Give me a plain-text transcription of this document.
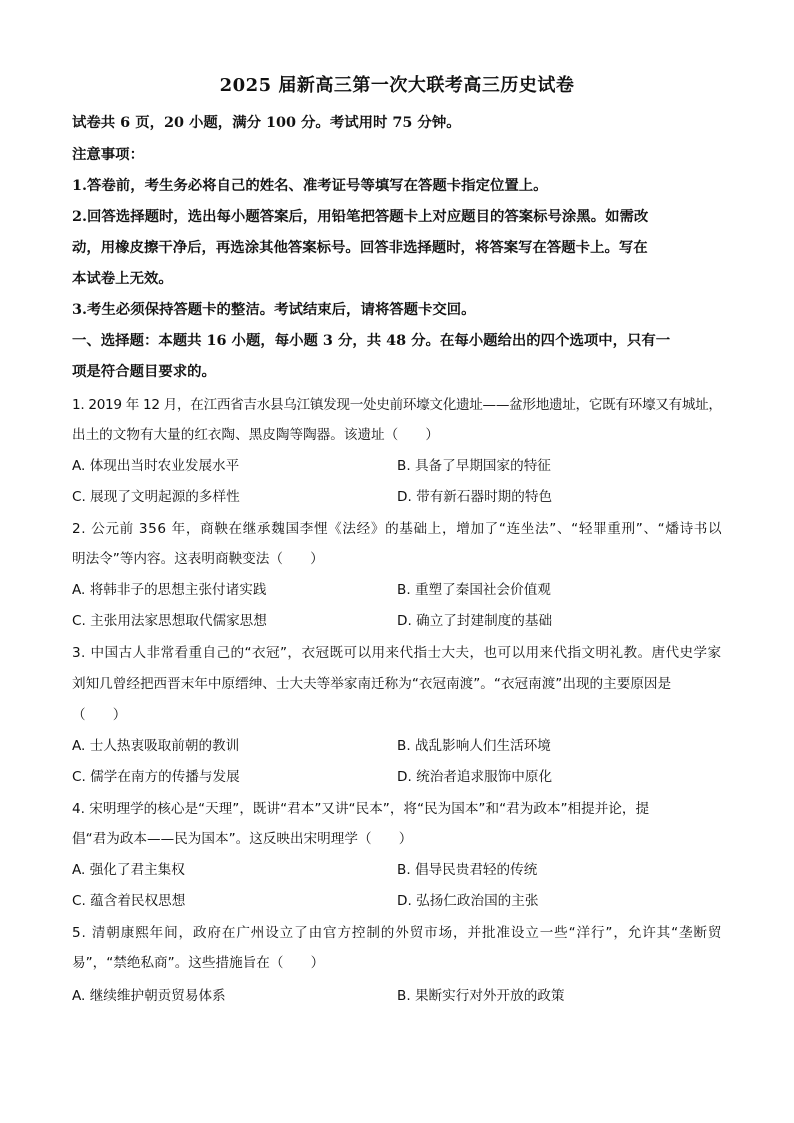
2025 届新高三第一次大联考高三历史试卷
试卷共 6 页，20 小题，满分 100 分。考试用时 75 分钟。
注意事项：
1.答卷前，考生务必将自己的姓名、准考证号等填写在答题卡指定位置上。
2.回答选择题时，选出每小题答案后，用铅笔把答题卡上对应题目的答案标号涂黑。如需改
动，用橡皮擦干净后，再选涂其他答案标号。回答非选择题时，将答案写在答题卡上。写在
本试卷上无效。
3.考生必须保持答题卡的整洁。考试结束后，请将答题卡交回。
一、选择题：本题共 16 小题，每小题 3 分，共 48 分。在每小题给出的四个选项中，只有一
项是符合题目要求的。
1. 2019 年 12 月，在江西省吉水县乌江镇发现一处史前环壕文化遗址——盆形地遗址，它既有环壕又有城址，
出土的文物有大量的红衣陶、黑皮陶等陶器。该遗址（　　）
A. 体现出当时农业发展水平	B. 具备了早期国家的特征
C. 展现了文明起源的多样性	D. 带有新石器时期的特色
2. 公元前 356 年，商鞅在继承魏国李悝《法经》的基础上，增加了“连坐法”、“轻罪重刑”、“燔诗书以
明法令”等内容。这表明商鞅变法（　　）
A. 将韩非子的思想主张付诸实践	B. 重塑了秦国社会价值观
C. 主张用法家思想取代儒家思想	D. 确立了封建制度的基础
3. 中国古人非常看重自己的“衣冠”，衣冠既可以用来代指士大夫，也可以用来代指文明礼教。唐代史学家
刘知几曾经把西晋末年中原缙绅、士大夫等举家南迁称为“衣冠南渡”。“衣冠南渡”出现的主要原因是
（　　）
A. 士人热衷吸取前朝的教训	B. 战乱影响人们生活环境
C. 儒学在南方的传播与发展	D. 统治者追求服饰中原化
4. 宋明理学的核心是“天理”，既讲“君本”又讲“民本”，将“民为国本”和“君为政本”相提并论，提
倡“君为政本——民为国本”。这反映出宋明理学（　　）
A. 强化了君主集权	B. 倡导民贵君轻的传统
C. 蕴含着民权思想	D. 弘扬仁政治国的主张
5. 清朝康熙年间，政府在广州设立了由官方控制的外贸市场，并批准设立一些“洋行”，允许其“垄断贸
易”，“禁绝私商”。这些措施旨在（　　）
A. 继续维护朝贡贸易体系	B. 果断实行对外开放的政策
